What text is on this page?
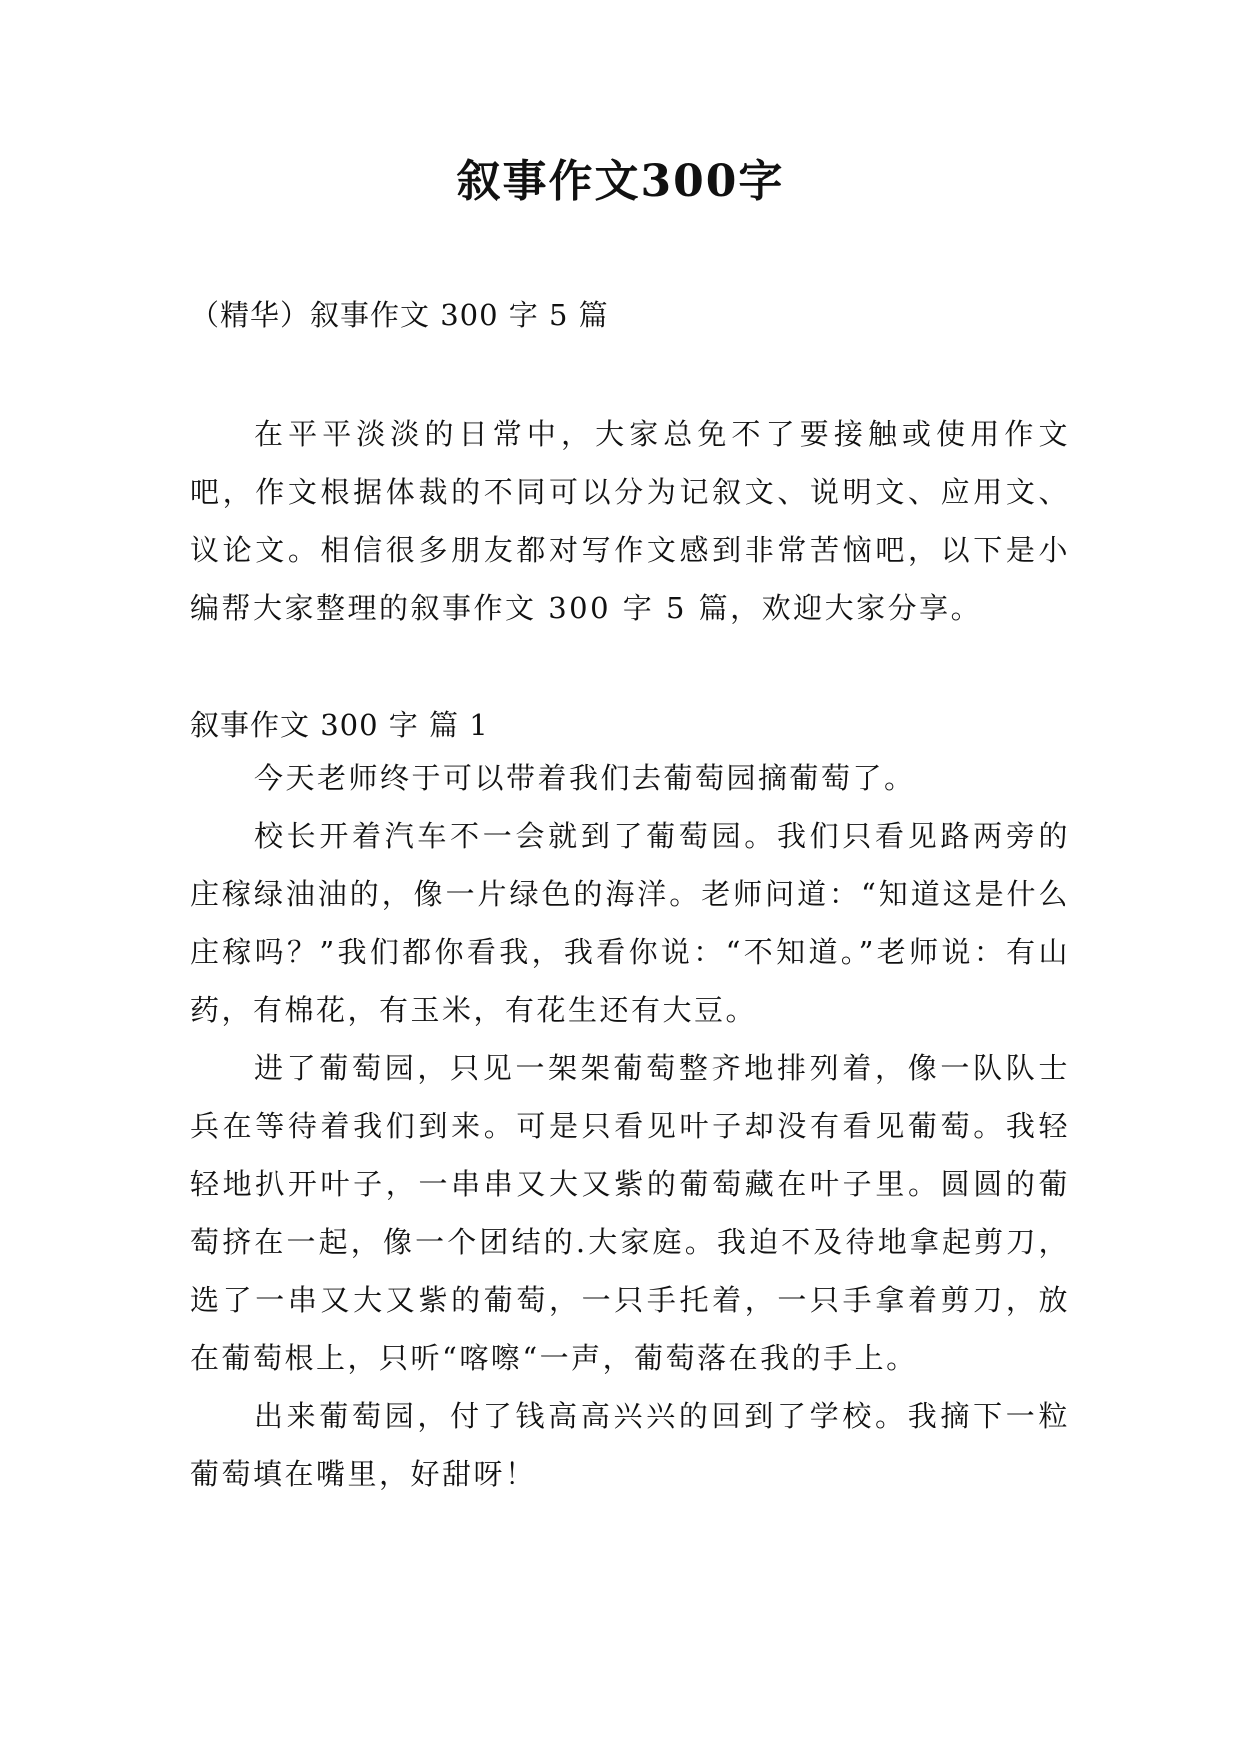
叙事作文300字
（精华）叙事作文 300 字 5 篇
在平平淡淡的日常中，大家总免不了要接触或使用作文吧，作文根据体裁的不同可以分为记叙文、说明文、应用文、议论文。相信很多朋友都对写作文感到非常苦恼吧，以下是小编帮大家整理的叙事作文 300 字 5 篇，欢迎大家分享。
叙事作文 300 字 篇 1

今天老师终于可以带着我们去葡萄园摘葡萄了。

校长开着汽车不一会就到了葡萄园。我们只看见路两旁的庄稼绿油油的，像一片绿色的海洋。老师问道：“知道这是什么庄稼吗？”我们都你看我，我看你说：“不知道。”老师说：有山药，有棉花，有玉米，有花生还有大豆。

进了葡萄园，只见一架架葡萄整齐地排列着，像一队队士兵在等待着我们到来。可是只看见叶子却没有看见葡萄。我轻轻地扒开叶子，一串串又大又紫的葡萄藏在叶子里。圆圆的葡萄挤在一起，像一个团结的.大家庭。我迫不及待地拿起剪刀，选了一串又大又紫的葡萄，一只手托着，一只手拿着剪刀，放在葡萄根上，只听“喀嚓“一声，葡萄落在我的手上。

出来葡萄园，付了钱高高兴兴的回到了学校。我摘下一粒葡萄填在嘴里，好甜呀！
